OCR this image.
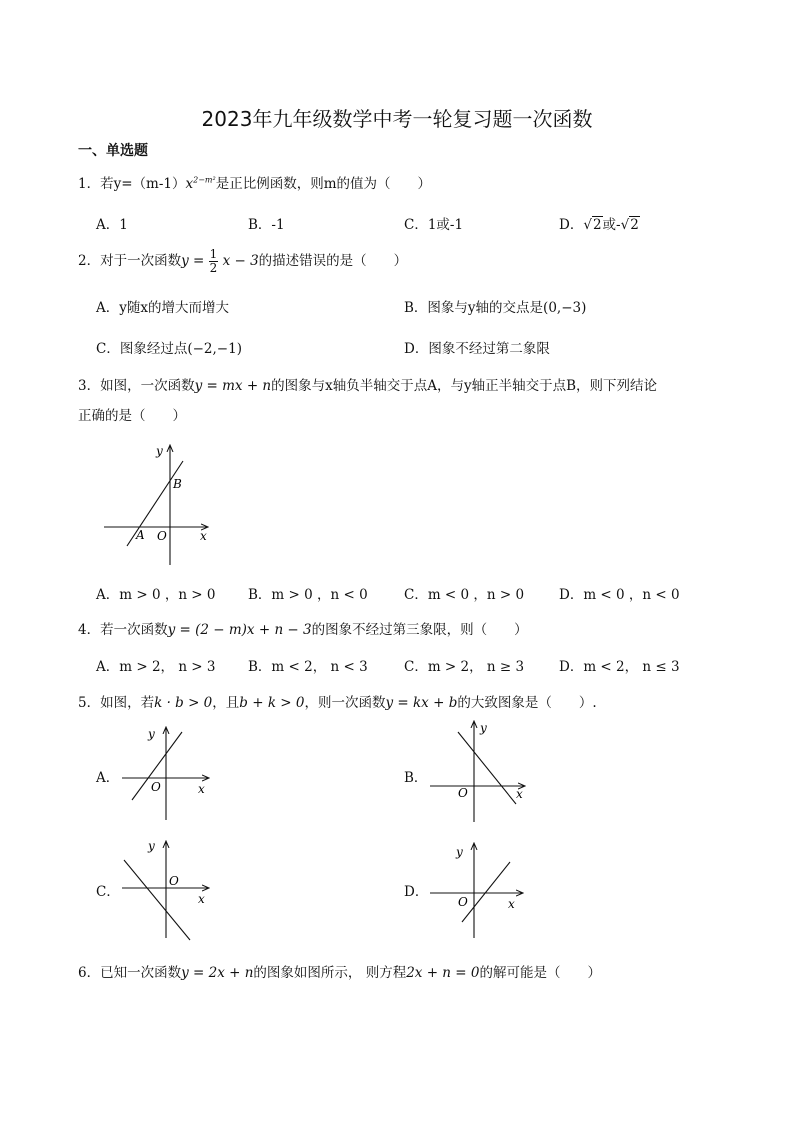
2023年九年级数学中考一轮复习题一次函数
一、单选题
1．若$y=(m-1)x^{2-m^2}$是正比例函数，则m的值为（　　）
A．1	B．-1	C．1或-1	D．√2或-√2
2．对于一次函数$y = \frac{1}{2}$ x − 3的描述错误的是（　　）
A．y随x的增大而增大	B．图象与y轴的交点是(0,−3)
C．图象经过点(−2,−1)	D．图象不经过第二象限
3．如图，一次函数y = mx + n的图象与x轴负半轴交于点A，与y轴正半轴交于点B，则下列结论
正确的是（　　）
y
x
O
A
B
A．m > 0 ，n > 0 B．m > 0 ，n < 0	C．m < 0 ，n > 0	D．m < 0 ，n < 0
4．若一次函数y = (2 − m)x + n − 3的图象不经过第三象限，则（　　）
A．m > 2， n > 3 B．m < 2， n < 3	C．m > 2， n ≥ 3	D．m < 2， n ≤ 3
5．如图，若k · b > 0，且b + k > 0，则一次函数y = kx + b的大致图象是（　　）.
A．
y
x
O
B．
y
x
O
C．
y
x
O
D．
y
x
O
6．已知一次函数y = 2x + n的图象如图所示， 则方程2x + n = 0的解可能是（　　）
